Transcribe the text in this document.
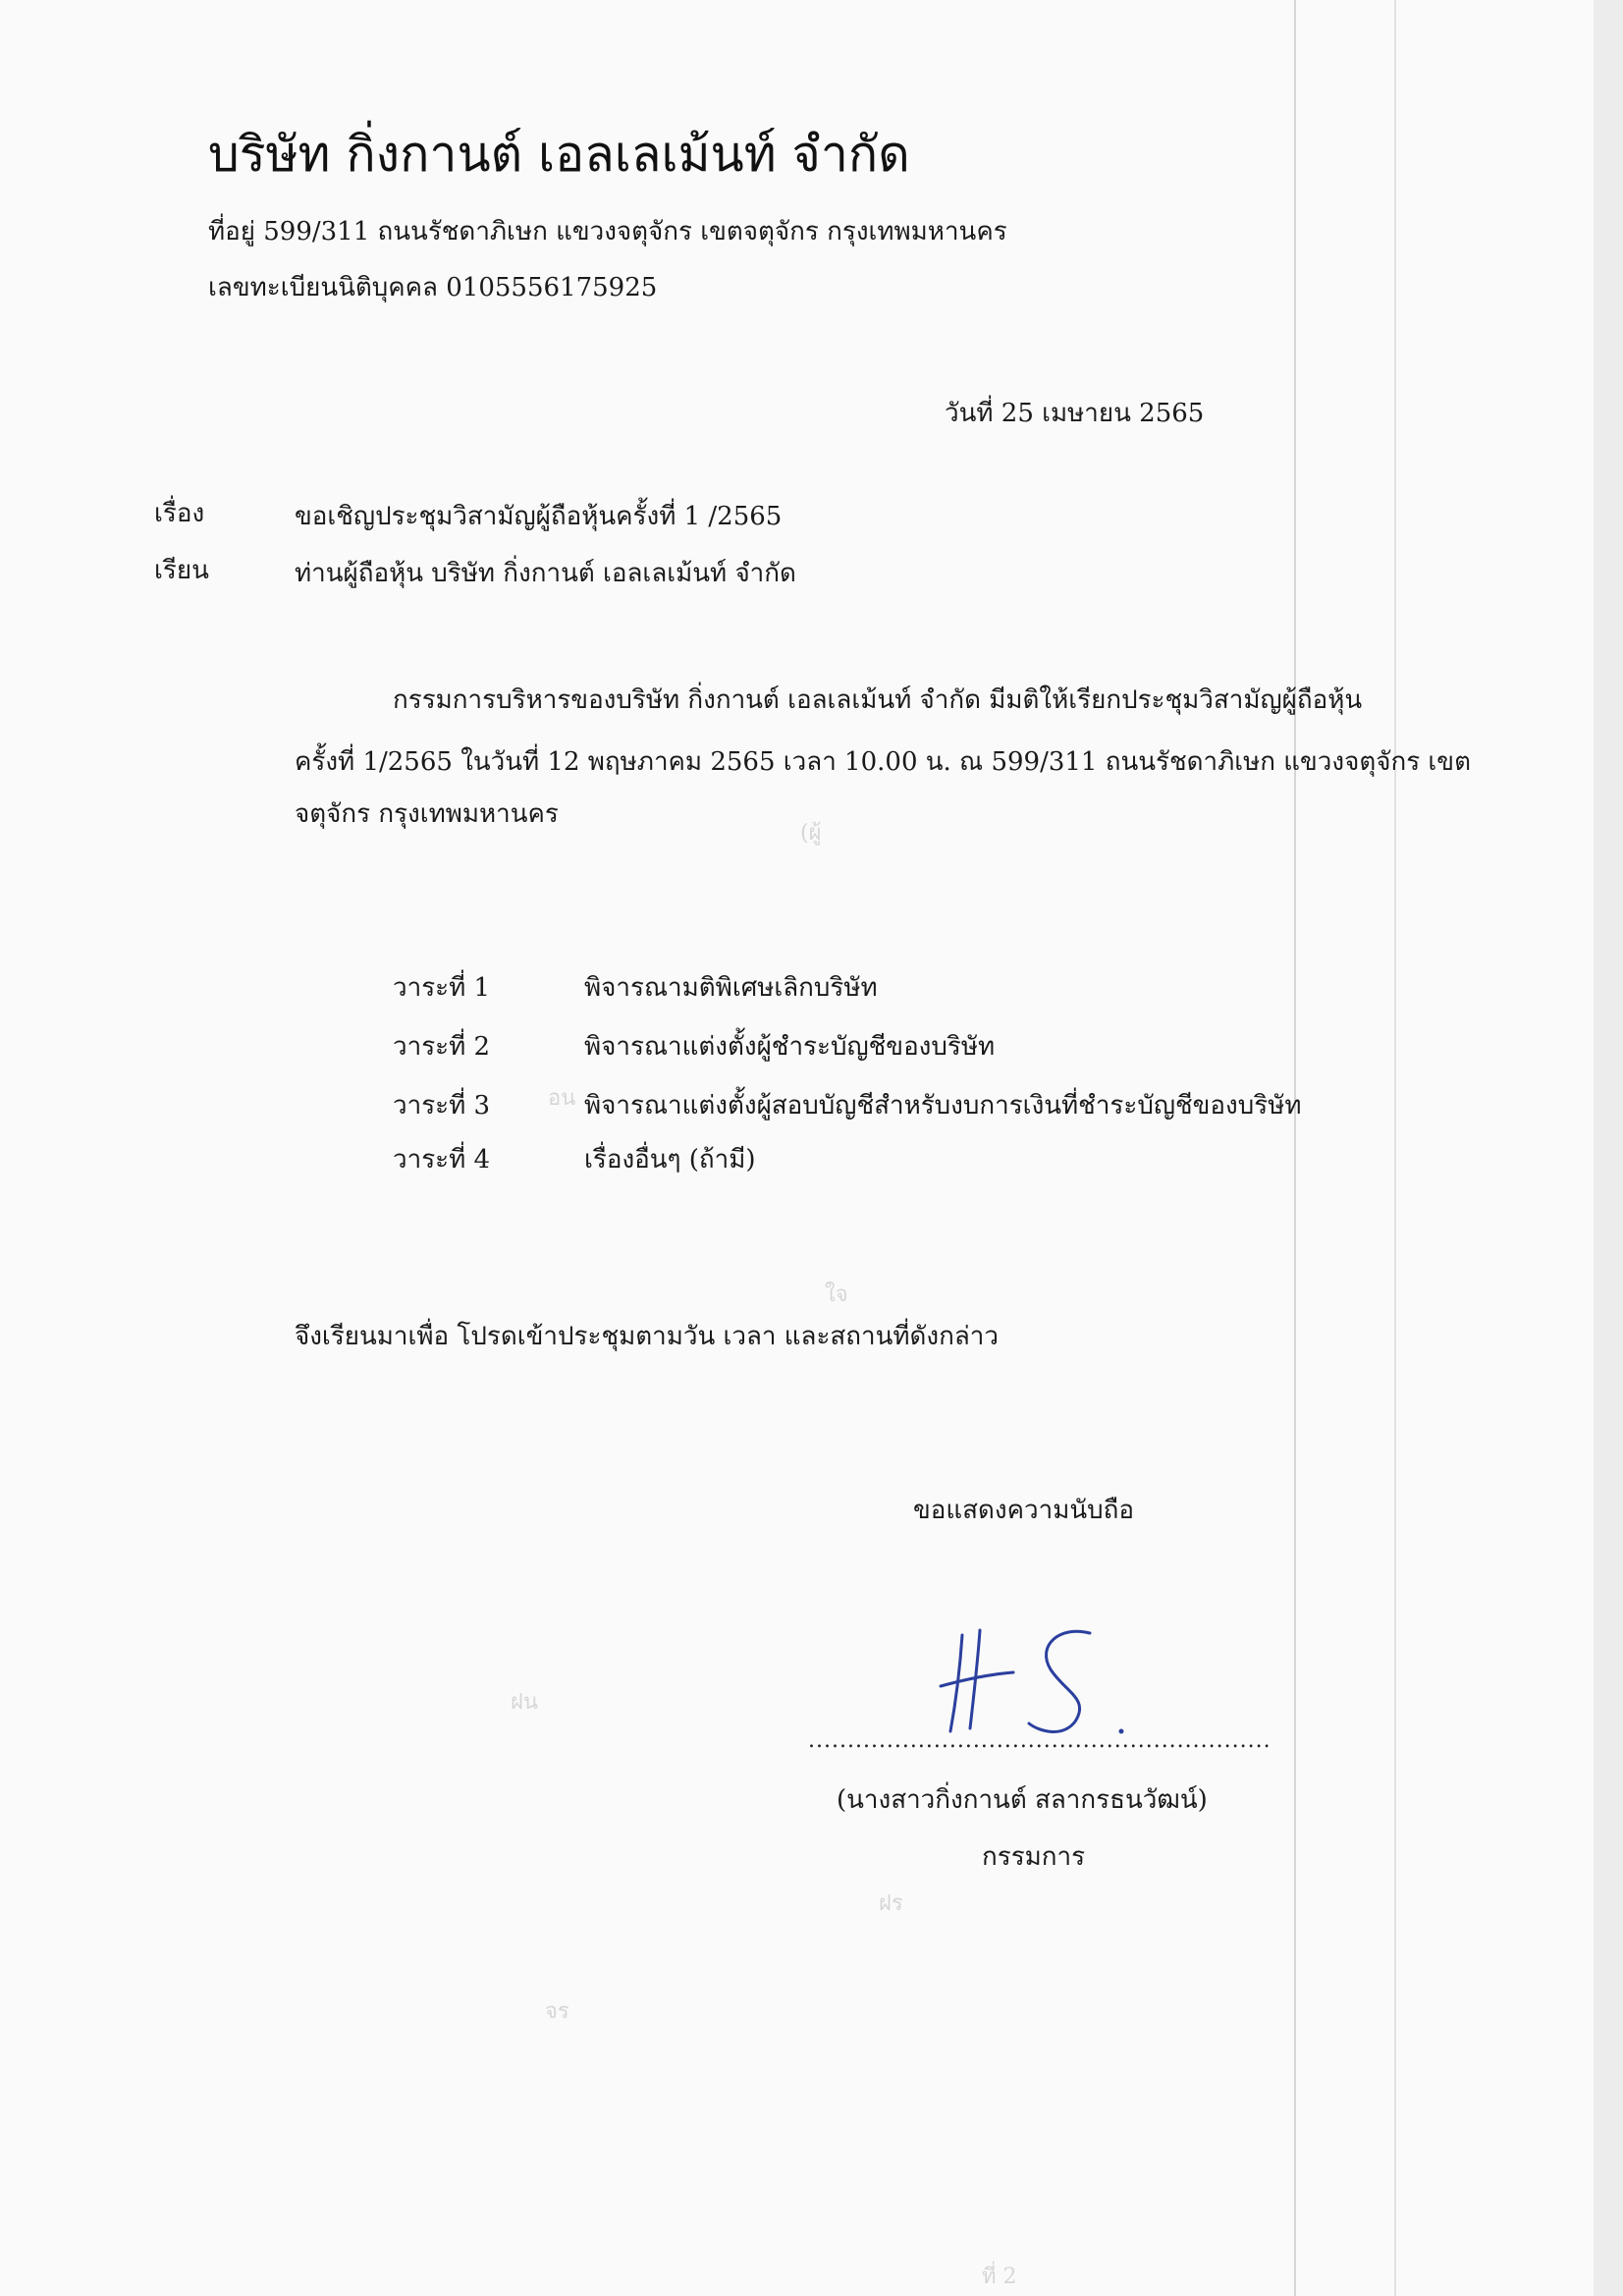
(ผู้
อน
ใจ
ฝน
ฝร
จร
ที่ 2
บริษัท กิ่งกานต์ เอลเลเม้นท์ จำกัด
ที่อยู่ 599/311 ถนนรัชดาภิเษก แขวงจตุจักร เขตจตุจักร กรุงเทพมหานคร
เลขทะเบียนนิติบุคคล 0105556175925
วันที่ 25 เมษายน 2565
เรื่อง	ขอเชิญประชุมวิสามัญผู้ถือหุ้นครั้งที่ 1 /2565
เรียน	ท่านผู้ถือหุ้น บริษัท กิ่งกานต์ เอลเลเม้นท์ จำกัด
กรรมการบริหารของบริษัท กิ่งกานต์ เอลเลเม้นท์ จำกัด มีมติให้เรียกประชุมวิสามัญผู้ถือหุ้น
ครั้งที่ 1/2565 ในวันที่ 12 พฤษภาคม 2565 เวลา 10.00 น. ณ 599/311 ถนนรัชดาภิเษก แขวงจตุจักร เขต
จตุจักร กรุงเทพมหานคร
วาระที่ 1	พิจารณามติพิเศษเลิกบริษัท
วาระที่ 2	พิจารณาแต่งตั้งผู้ชำระบัญชีของบริษัท
วาระที่ 3	พิจารณาแต่งตั้งผู้สอบบัญชีสำหรับงบการเงินที่ชำระบัญชีของบริษัท
วาระที่ 4	เรื่องอื่นๆ (ถ้ามี)
จึงเรียนมาเพื่อ โปรดเข้าประชุมตามวัน เวลา และสถานที่ดังกล่าว
ขอแสดงความนับถือ
...........................................................
(นางสาวกิ่งกานต์ สลากรธนวัฒน์)
กรรมการ
